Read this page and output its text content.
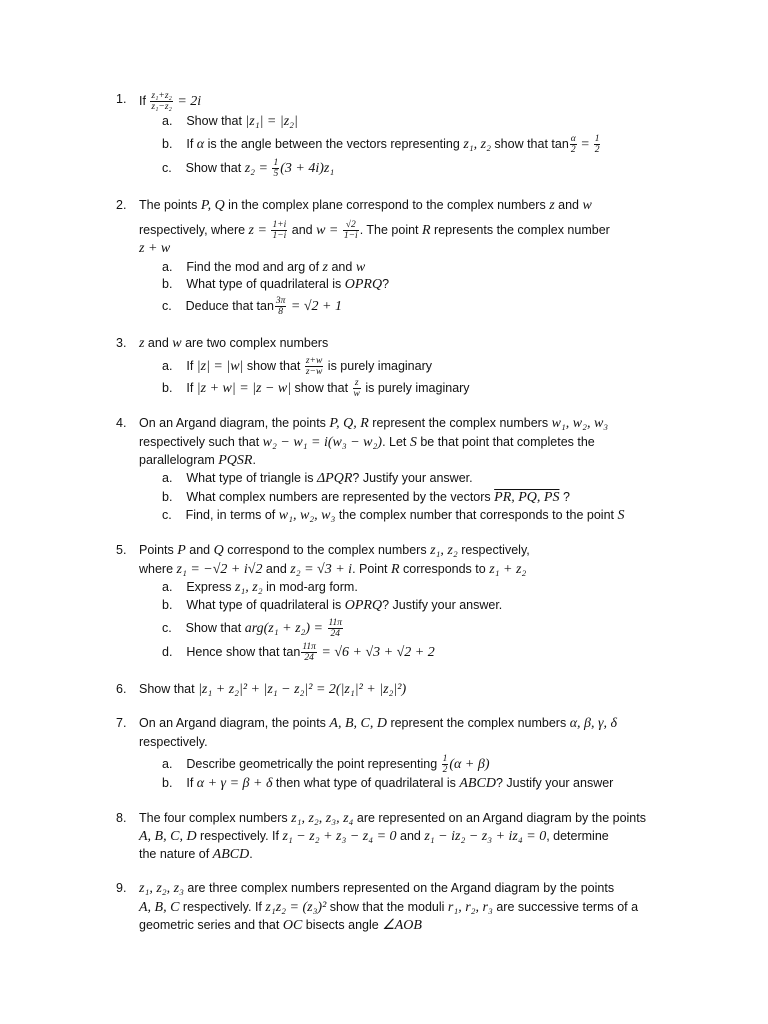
1. If $\frac{\text{z₁+z₂}}{\text{z₁−z₂}} = 2i$
a. Show that |z₁| = |z₂|
b. If α is the angle between the vectors representing z₁, z₂ show that $\tan \frac{\alpha}{2} = \frac{1}{2}$
c. Show that $z_2 = \frac{1}{5} (3 + 4i)z_1$
2. The points P, Q in the complex plane correspond to the complex numbers z and w
respectively, where $z = \frac{1+i}{1-i}$ and $w = \frac{√2}{1-i}$ . The point R represents the complex number
z + w
a. Find the mod and arg of z and w
b. What type of quadrilateral is OPRQ?
c. Deduce that $\tan \frac{3\pi}{8} = √2 + 1$
3. z and w are two complex numbers
a. If |z| = |w| show that $\frac{z+w}{z-w}$ is purely imaginary
b. If |z + w| = |z − w| show that $\frac{z}{w}$ is purely imaginary
4. On an Argand diagram, the points P, Q, R represent the complex numbers w₁, w₂, w₃
respectively such that w₂ − w₁ = i(w₃ − w₂). Let S be that point that completes the
parallelogram PQSR.
a. What type of triangle is ΔPQR? Justify your answer.
b. What complex numbers are represented by the vectors PR, PQ, PS ?
c. Find, in terms of w₁, w₂, w₃ the complex number that corresponds to the point S
5. Points P and Q correspond to the complex numbers z₁, z₂ respectively,
where z₁ = −√2 + i√2 and z₂ = √3 + i. Point R corresponds to z₁ + z₂
a. Express z₁, z₂ in mod-arg form.
b. What type of quadrilateral is OPRQ? Justify your answer.
c. Show that $arg(z_1 + z_2) = \frac{11\pi}{24}$
d. Hence show that $\tan \frac{11\pi}{24} = √6 + √3 + √2 + 2$
6. Show that |z₁ + z₂|² + |z₁ − z₂|² = 2(|z₁|² + |z₂|²)
7. On an Argand diagram, the points A, B, C, D represent the complex numbers α, β, γ, δ
respectively.
a. Describe geometrically the point representing $\frac{1}{2} (\alpha + \beta)$
b. If α + γ = β + δ then what type of quadrilateral is ABCD? Justify your answer
8. The four complex numbers z₁, z₂, z₃, z₄ are represented on an Argand diagram by the points
A, B, C, D respectively. If z₁ − z₂ + z₃ − z₄ = 0 and z₁ − iz₂ − z₃ + iz₄ = 0, determine
the nature of ABCD.
9. z₁, z₂, z₃ are three complex numbers represented on the Argand diagram by the points
A, B, C respectively. If z₁z₂ = (z₃)² show that the moduli r₁, r₂, r₃ are successive terms of a
geometric series and that OC bisects angle ∠AOB
